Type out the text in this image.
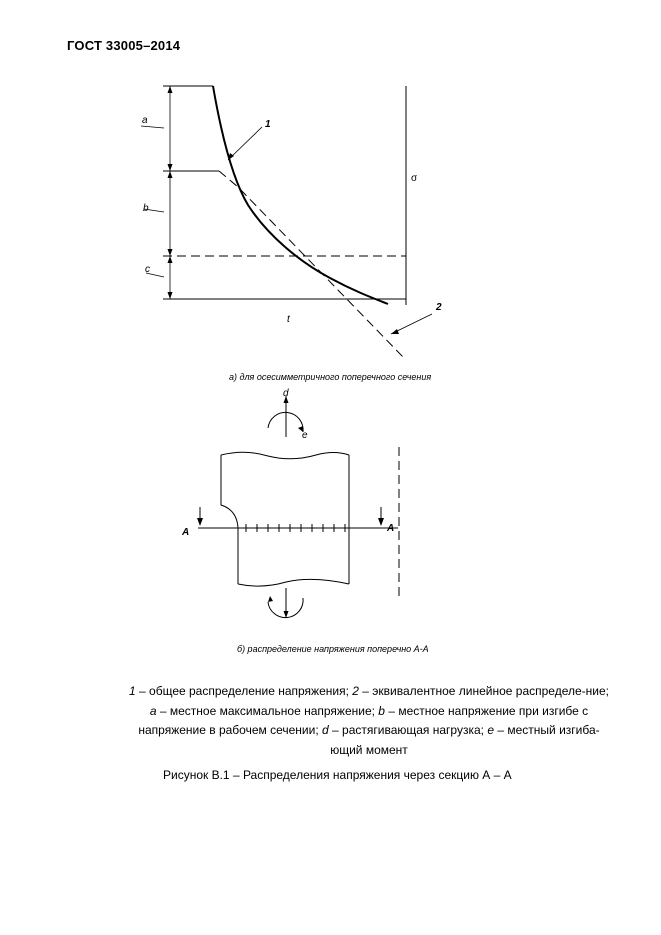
ГОСТ 33005–2014
a
b
c
σ
t
1
2
а) для осесимметричного поперечного сечения
d
e
A	A
б) распределение напряжения поперечно А-А
1 – общее распределение напряжения; 2 – эквивалентное линейное распределе-ние; a – местное максимальное напряжение; b – местное напряжение при изгибе с напряжение в рабочем сечении; d – растягивающая нагрузка; e – местный изгиба-ющий момент
Рисунок В.1 – Распределения напряжения через секцию А – А
